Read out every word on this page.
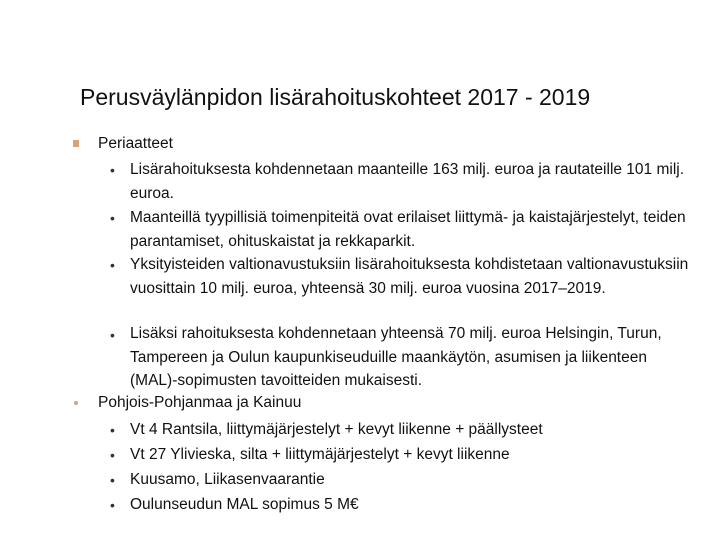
Perusväylänpidon lisärahoituskohteet 2017 - 2019
Periaatteet
• Lisärahoituksesta kohdennetaan maanteille 163 milj. euroa ja rautateille 101 milj. euroa.
• Maanteillä tyypillisiä toimenpiteitä ovat erilaiset liittymä- ja kaistajärjestelyt, teiden parantamiset, ohituskaistat ja rekkaparkit.
• Yksityisteiden valtionavustuksiin lisärahoituksesta kohdistetaan valtionavustuksiin vuosittain 10 milj. euroa, yhteensä 30 milj. euroa vuosina 2017–2019.
• Lisäksi rahoituksesta kohdennetaan yhteensä 70 milj. euroa Helsingin, Turun, Tampereen ja Oulun kaupunkiseuduille maankäytön, asumisen ja liikenteen (MAL)-sopimusten tavoitteiden mukaisesti.
Pohjois-Pohjanmaa ja Kainuu
• Vt 4 Rantsila, liittymäjärjestelyt + kevyt liikenne + päällysteet
• Vt 27 Ylivieska, silta + liittymäjärjestelyt + kevyt liikenne
• Kuusamo, Liikasenvaarantie
• Oulunseudun MAL sopimus 5 M€
